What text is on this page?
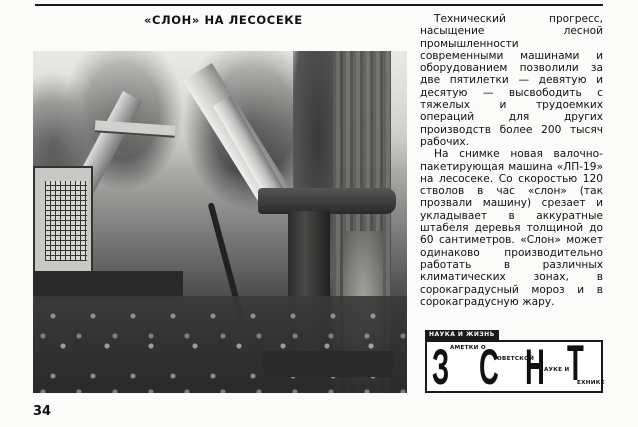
«СЛОН» НА ЛЕСОСЕКЕ	Технический прогресс, насыщение лесной промышленности современными машинами и оборудованием позволили за две пятилетки — девятую и десятую — высвободить с тяжелых и трудоемких операций для других производств более 200 тысяч рабочих.

На снимке новая валочно-пакетирующая машина «ЛП-19» на лесосеке. Со скоростью 120 стволов в час «слон» (так прозвали машину) срезает и укладывает в аккуратные штабеля деревья толщиной до 60 сантиметров. «Слон» может одинаково производительно работать в различных климатических зонах, в сорокаградусный мороз и в сорокаградусную жару.

НАУКА И ЖИЗНЬ
З АМЕТКИ О
С
ОВЕТСКОЙ
Н АУКЕ И
Т
ЕХНИКЕ
34
